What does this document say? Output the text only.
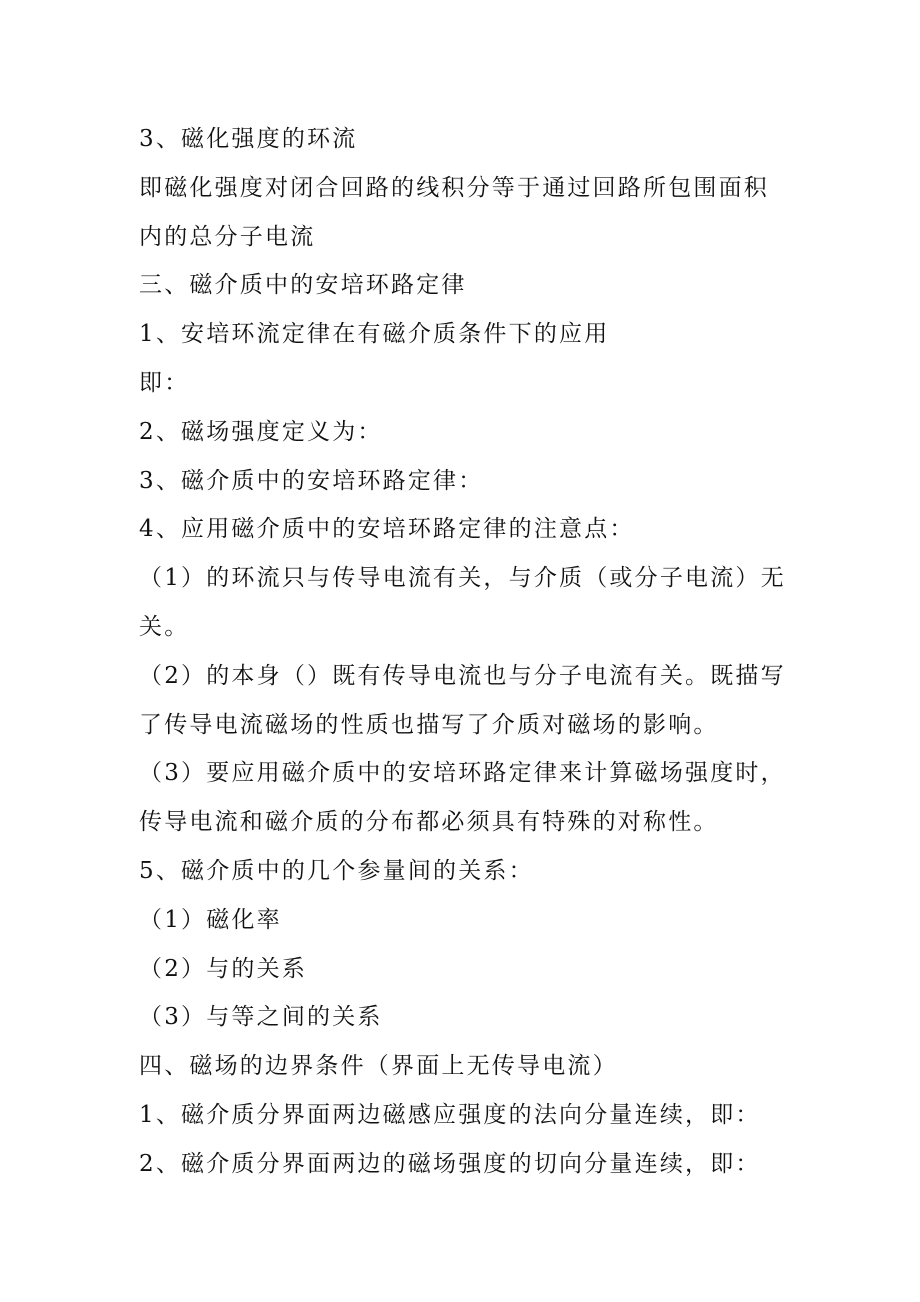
3、磁化强度的环流
即磁化强度对闭合回路的线积分等于通过回路所包围面积
内的总分子电流
三、磁介质中的安培环路定律
1、安培环流定律在有磁介质条件下的应用
即：
2、磁场强度定义为：
3、磁介质中的安培环路定律：
4、应用磁介质中的安培环路定律的注意点：
（1）的环流只与传导电流有关，与介质（或分子电流）无
关。
（2）的本身（）既有传导电流也与分子电流有关。既描写
了传导电流磁场的性质也描写了介质对磁场的影响。
（3）要应用磁介质中的安培环路定律来计算磁场强度时，
传导电流和磁介质的分布都必须具有特殊的对称性。
5、磁介质中的几个参量间的关系：
（1）磁化率
（2）与的关系
（3）与等之间的关系
四、磁场的边界条件（界面上无传导电流）
1、磁介质分界面两边磁感应强度的法向分量连续，即：
2、磁介质分界面两边的磁场强度的切向分量连续，即：
